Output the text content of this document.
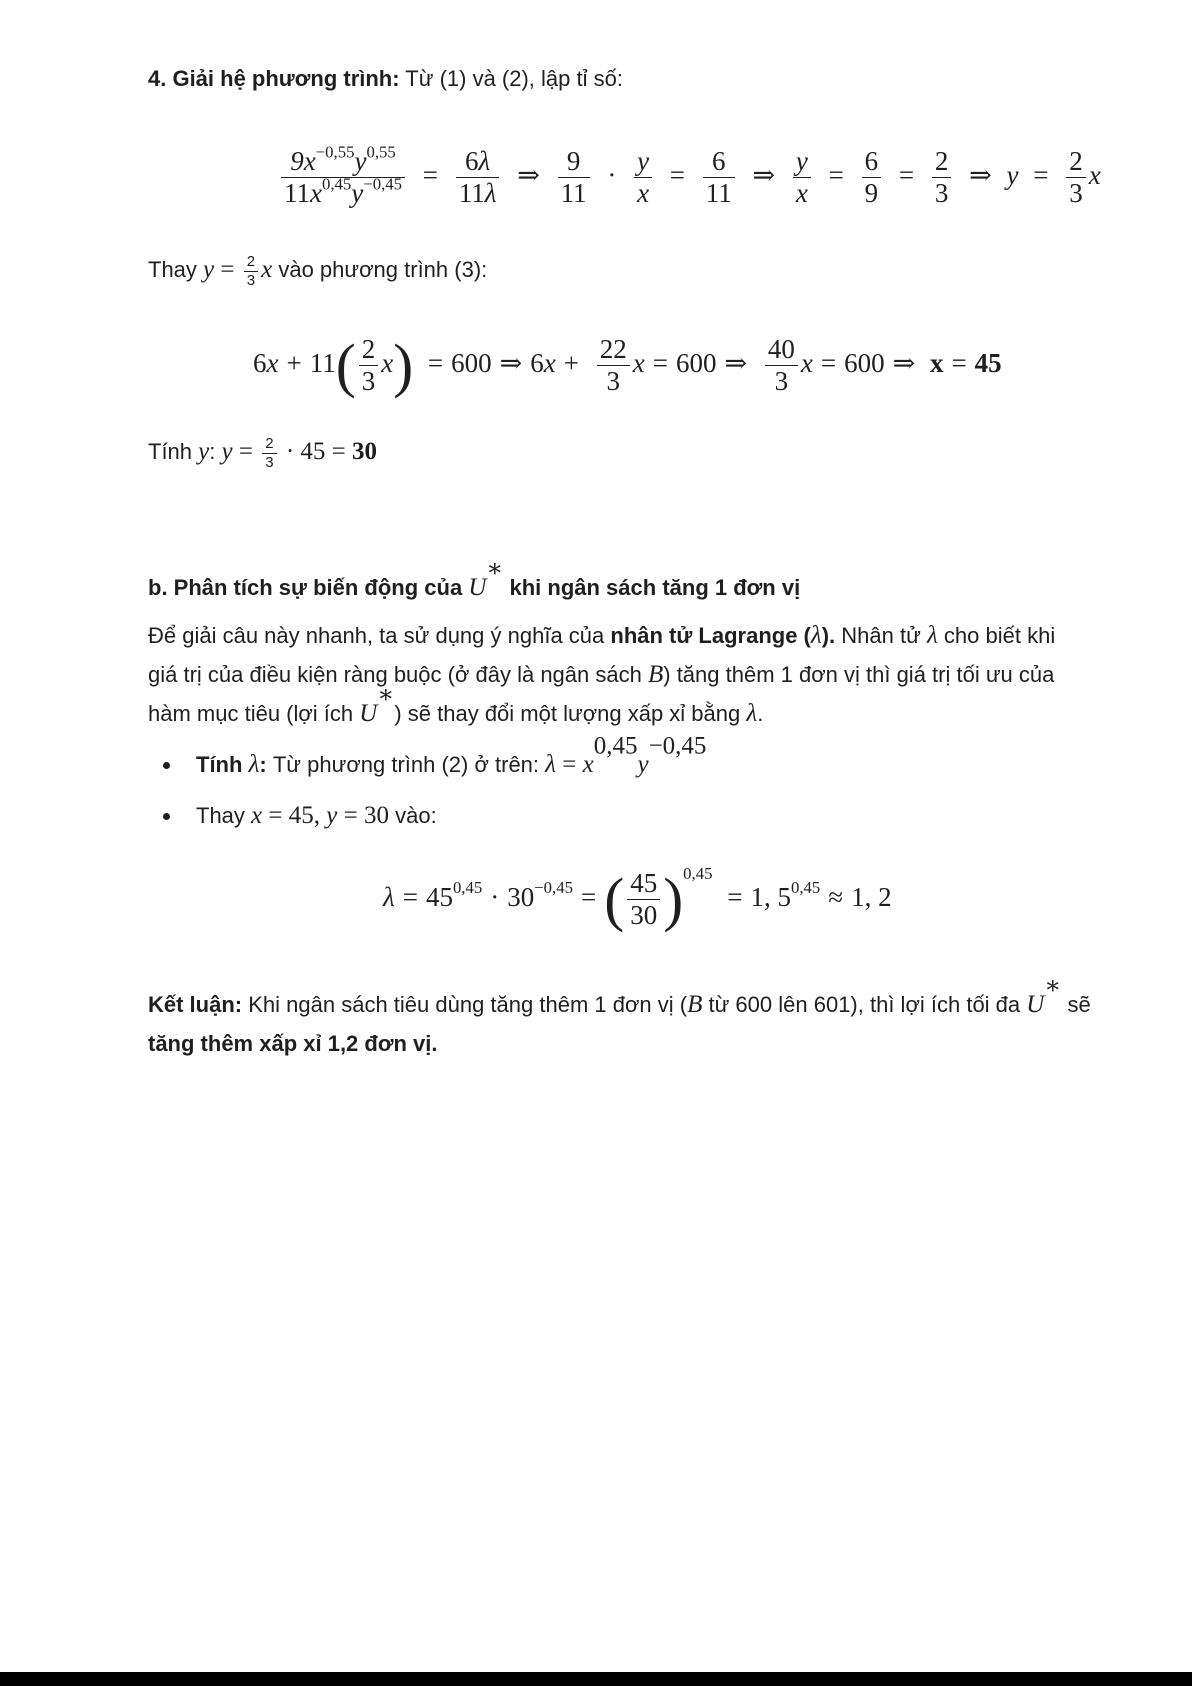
4. Giải hệ phương trình: Từ (1) và (2), lập tỉ số:
$\frac{9x^{-0,55}y^{0,55}}{11x^{0,45}y^{-0,45}} = \frac{6\lambda}{11\lambda}$ ⇒ $\frac{9}{11} \cdot \frac{y}{x} = \frac{6}{11}$ ⇒ $\frac{y}{x} = \frac{6}{9} = \frac{2}{3}$ ⇒ $y = \frac{2}{3}$ x
Thay $y = \frac{2}{3}$ x vào phương trình (3):
$6x + 11( \frac{2}{3} x) = 600$ ⇒ $6x + \frac{22}{3}$ x = 600 ⇒ $\frac{40}{3}$ x = 600 ⇒ x = 45
Tính y: $y = \frac{2}{3} \cdot 45 = 30$
b. Phân tích sự biến động của U∗ khi ngân sách tăng 1 đơn vị
Để giải câu này nhanh, ta sử dụng ý nghĩa của nhân tử Lagrange (λ). Nhân tử λ cho biết khi
giá trị của điều kiện ràng buộc (ở đây là ngân sách B) tăng thêm 1 đơn vị thì giá trị tối ưu của
hàm mục tiêu (lợi ích U∗) sẽ thay đổi một lượng xấp xỉ bằng λ.
Tính λ: Từ phương trình (2) ở trên: $\lambda = x^{0,45}y^{-0,45}$
Thay x = 45, y = 30 vào:
$\lambda = 45^{0,45} \cdot 30^{-0,45}$ = ( $\frac{45}{30} )^{0,45} = 1$, $5^{0,45} \approx 1$, 2
Kết luận: Khi ngân sách tiêu dùng tăng thêm 1 đơn vị (B từ 600 lên 601), thì lợi ích tối đa U∗ sẽ
tăng thêm xấp xỉ 1,2 đơn vị.
